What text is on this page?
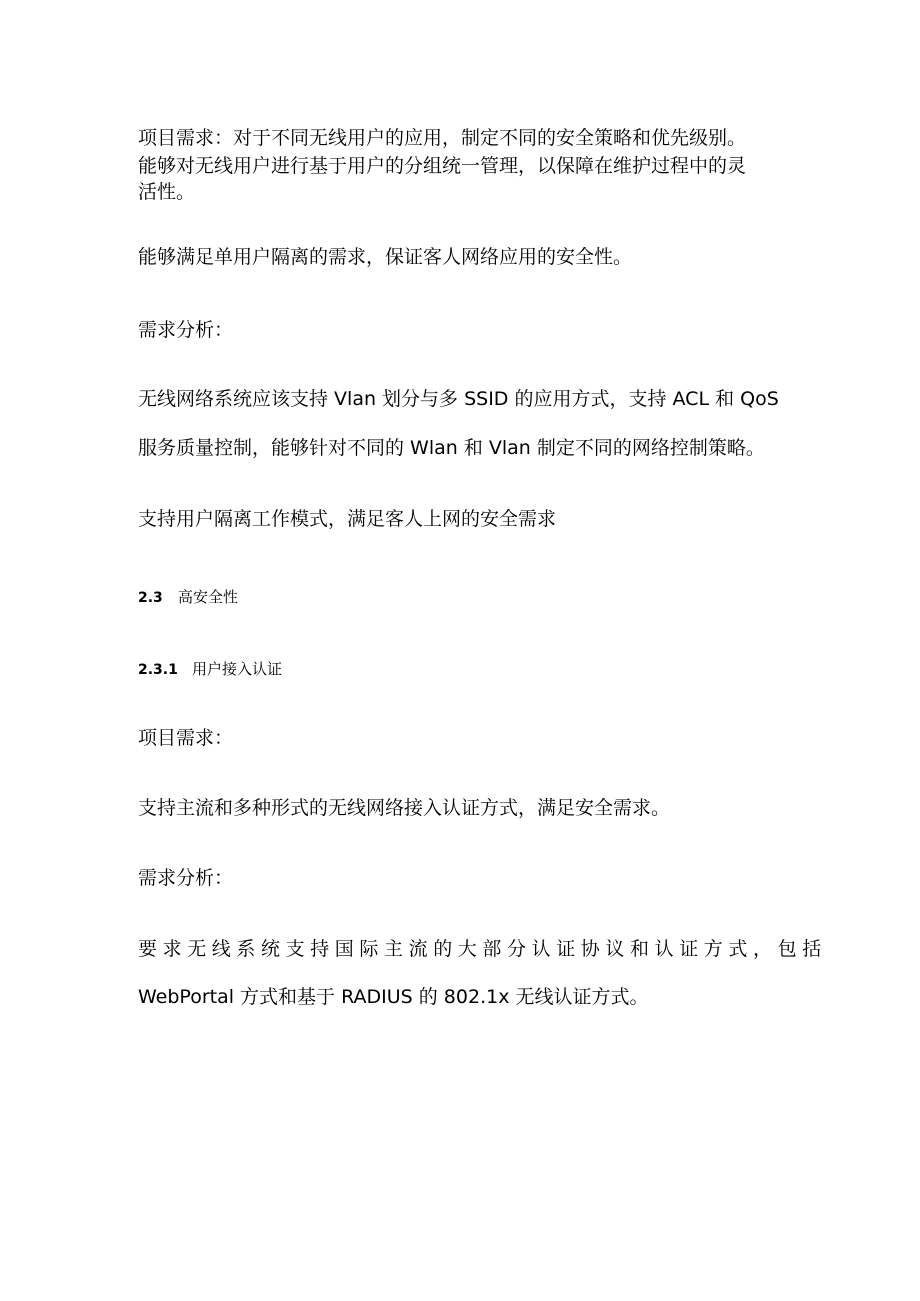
项目需求：对于不同无线用户的应用，制定不同的安全策略和优先级别。
能够对无线用户进行基于用户的分组统一管理，以保障在维护过程中的灵
活性。
能够满足单用户隔离的需求，保证客人网络应用的安全性。
需求分析：
无线网络系统应该支持 Vlan 划分与多 SSID 的应用方式，支持 ACL 和 QoS
服务质量控制，能够针对不同的 Wlan 和 Vlan 制定不同的网络控制策略。
支持用户隔离工作模式，满足客人上网的安全需求
2.3 高安全性
2.3.1 用户接入认证
项目需求：
支持主流和多种形式的无线网络接入认证方式，满足安全需求。
需求分析：
要求无线系统支持国际主流的大部分认证协议和认证方式，包括
WebPortal 方式和基于 RADIUS 的 802.1x 无线认证方式。
